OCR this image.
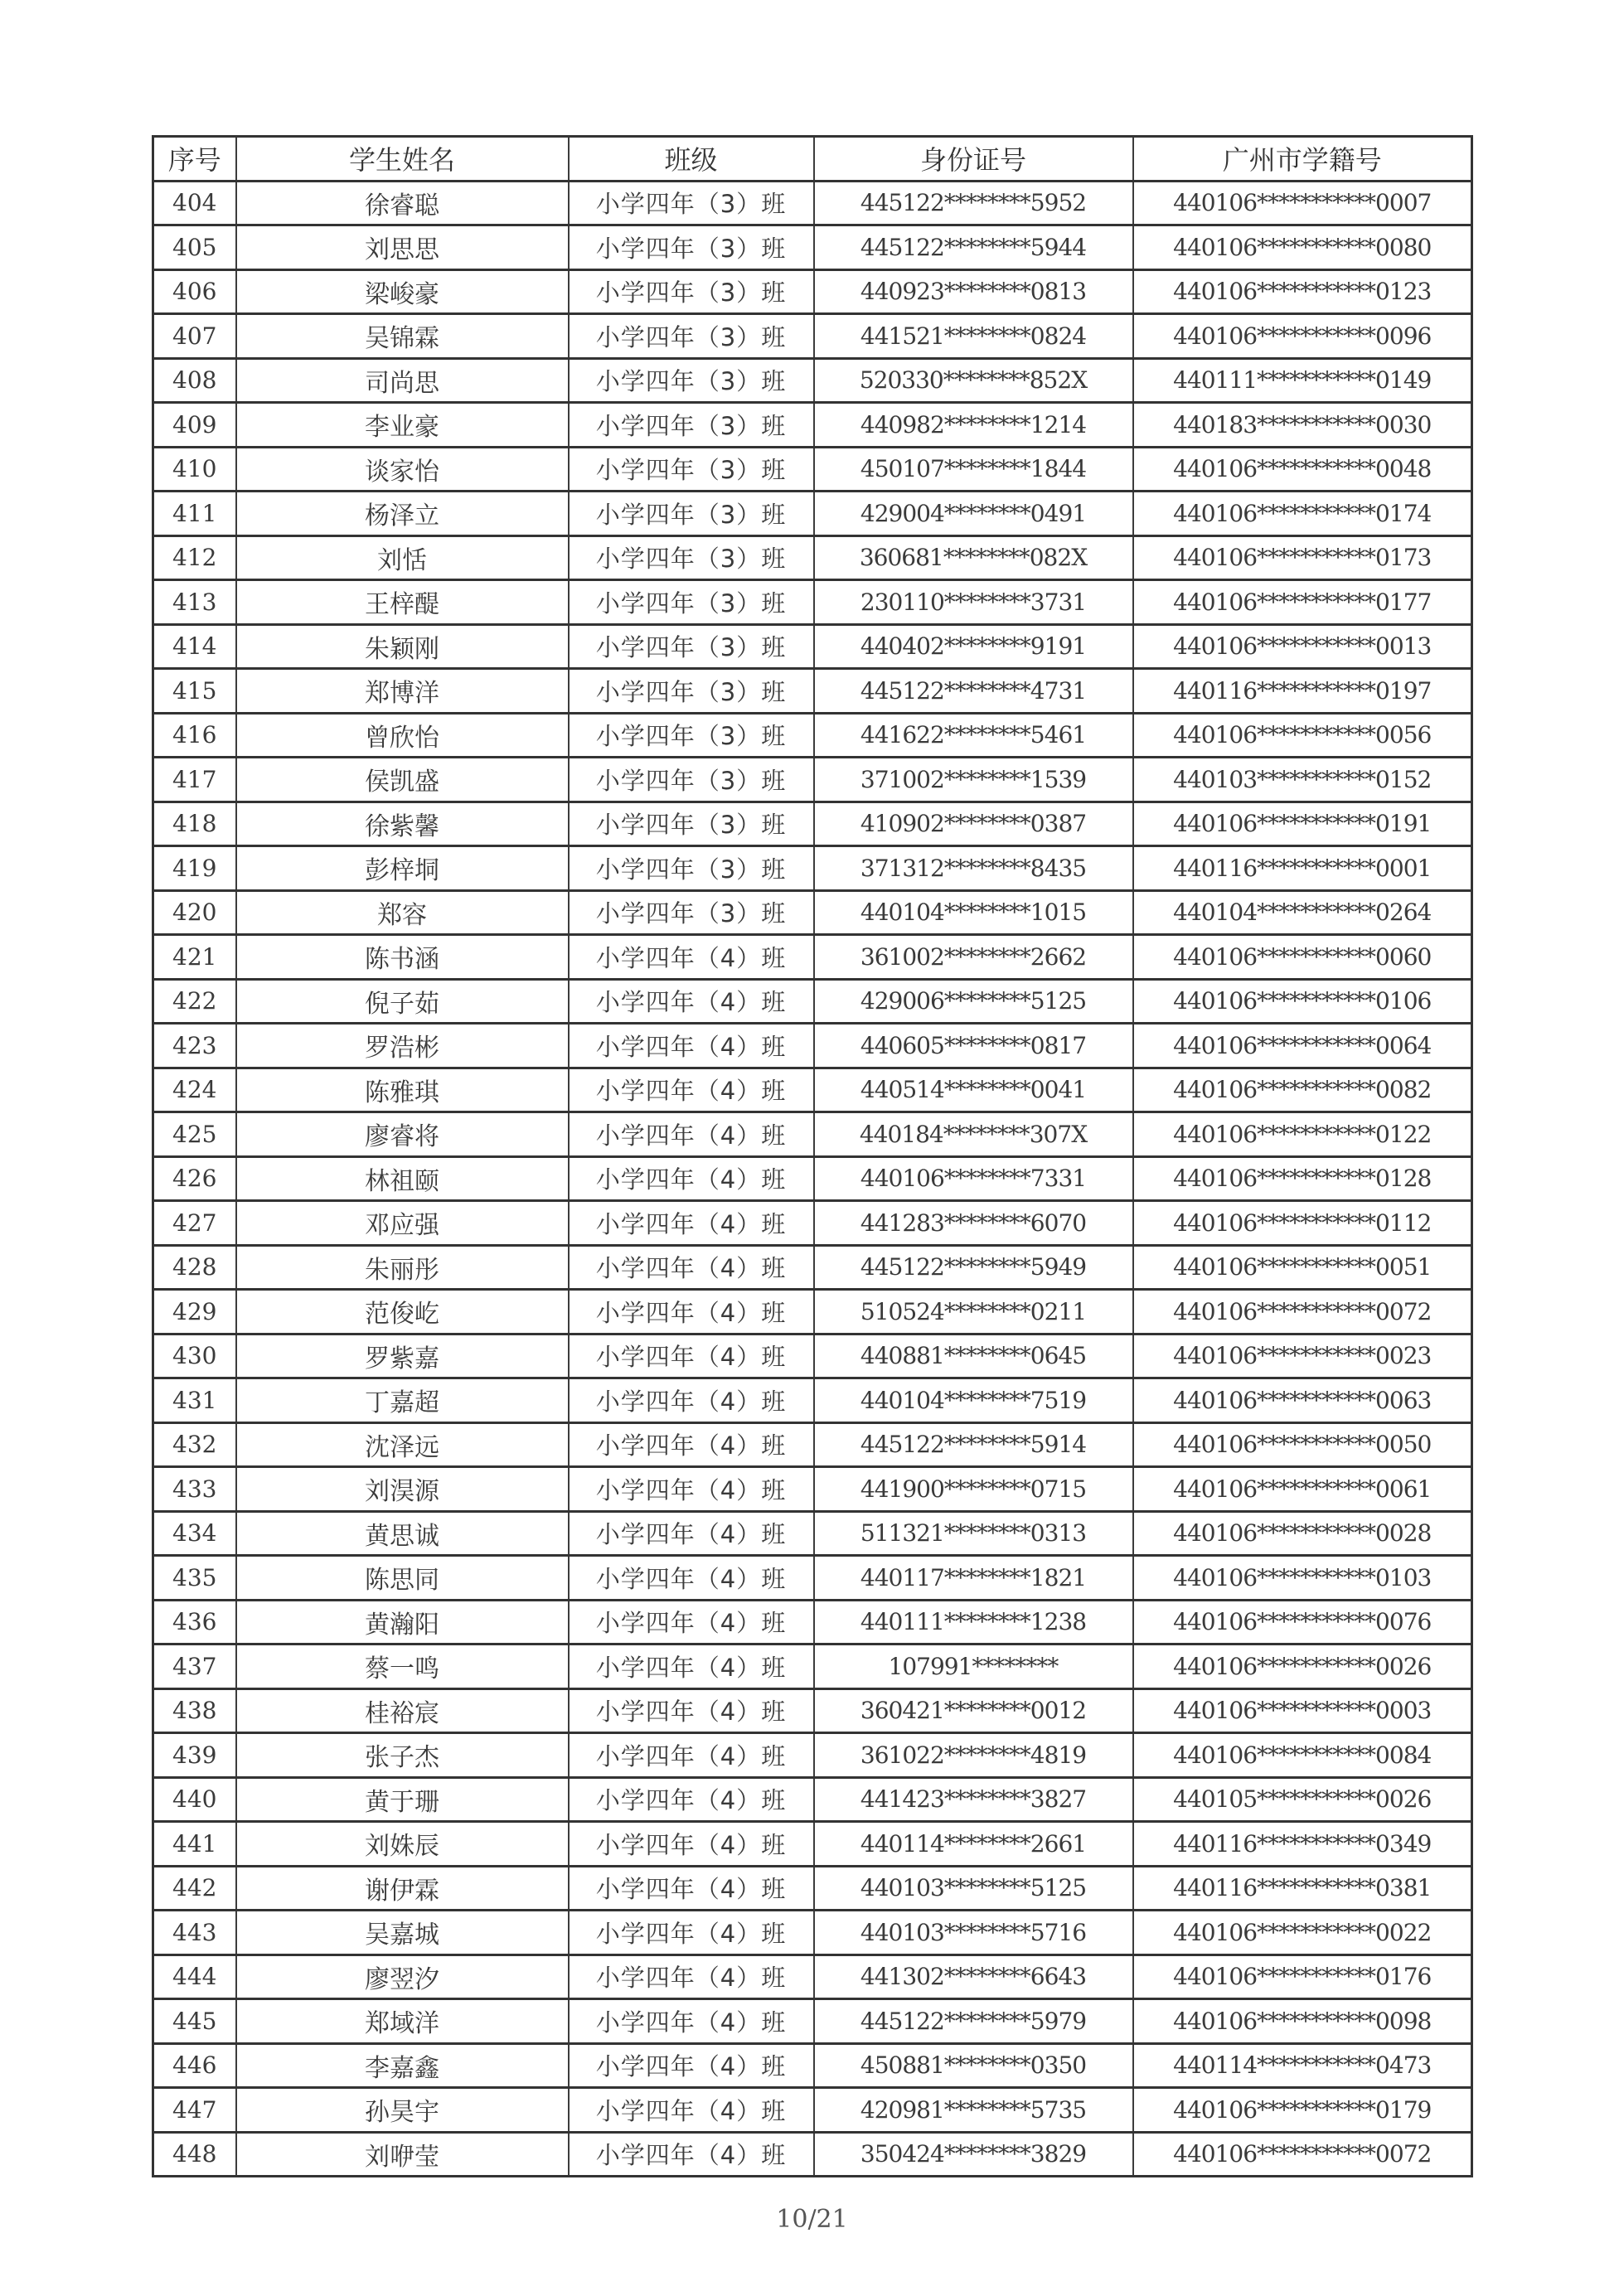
序号	学生姓名	班级	身份证号	广州市学籍号
404	徐睿聪	小学四年（3）班	445122********5952	440106***********0007
405	刘思思	小学四年（3）班	445122********5944	440106***********0080
406	梁峻豪	小学四年（3）班	440923********0813	440106***********0123
407	吴锦霖	小学四年（3）班	441521********0824	440106***********0096
408	司尚思	小学四年（3）班	520330********852X	440111***********0149
409	李业豪	小学四年（3）班	440982********1214	440183***********0030
410	谈家怡	小学四年（3）班	450107********1844	440106***********0048
411	杨泽立	小学四年（3）班	429004********0491	440106***********0174
412	刘恬	小学四年（3）班	360681********082X	440106***********0173
413	王梓醍	小学四年（3）班	230110********3731	440106***********0177
414	朱颖刚	小学四年（3）班	440402********9191	440106***********0013
415	郑博洋	小学四年（3）班	445122********4731	440116***********0197
416	曾欣怡	小学四年（3）班	441622********5461	440106***********0056
417	侯凯盛	小学四年（3）班	371002********1539	440103***********0152
418	徐紫馨	小学四年（3）班	410902********0387	440106***********0191
419	彭梓垌	小学四年（3）班	371312********8435	440116***********0001
420	郑容	小学四年（3）班	440104********1015	440104***********0264
421	陈书涵	小学四年（4）班	361002********2662	440106***********0060
422	倪子茹	小学四年（4）班	429006********5125	440106***********0106
423	罗浩彬	小学四年（4）班	440605********0817	440106***********0064
424	陈雅琪	小学四年（4）班	440514********0041	440106***********0082
425	廖睿将	小学四年（4）班	440184********307X	440106***********0122
426	林祖颐	小学四年（4）班	440106********7331	440106***********0128
427	邓应强	小学四年（4）班	441283********6070	440106***********0112
428	朱丽彤	小学四年（4）班	445122********5949	440106***********0051
429	范俊屹	小学四年（4）班	510524********0211	440106***********0072
430	罗紫嘉	小学四年（4）班	440881********0645	440106***********0023
431	丁嘉超	小学四年（4）班	440104********7519	440106***********0063
432	沈泽远	小学四年（4）班	445122********5914	440106***********0050
433	刘淏源	小学四年（4）班	441900********0715	440106***********0061
434	黄思诚	小学四年（4）班	511321********0313	440106***********0028
435	陈思同	小学四年（4）班	440117********1821	440106***********0103
436	黄瀚阳	小学四年（4）班	440111********1238	440106***********0076
437	蔡一鸣	小学四年（4）班	107991********	440106***********0026
438	桂裕宸	小学四年（4）班	360421********0012	440106***********0003
439	张子杰	小学四年（4）班	361022********4819	440106***********0084
440	黄于珊	小学四年（4）班	441423********3827	440105***********0026
441	刘姝辰	小学四年（4）班	440114********2661	440116***********0349
442	谢伊霖	小学四年（4）班	440103********5125	440116***********0381
443	吴嘉城	小学四年（4）班	440103********5716	440106***********0022
444	廖翌汐	小学四年（4）班	441302********6643	440106***********0176
445	郑域洋	小学四年（4）班	445122********5979	440106***********0098
446	李嘉鑫	小学四年（4）班	450881********0350	440114***********0473
447	孙昊宇	小学四年（4）班	420981********5735	440106***********0179
448	刘咿莹	小学四年（4）班	350424********3829	440106***********0072
10/21
